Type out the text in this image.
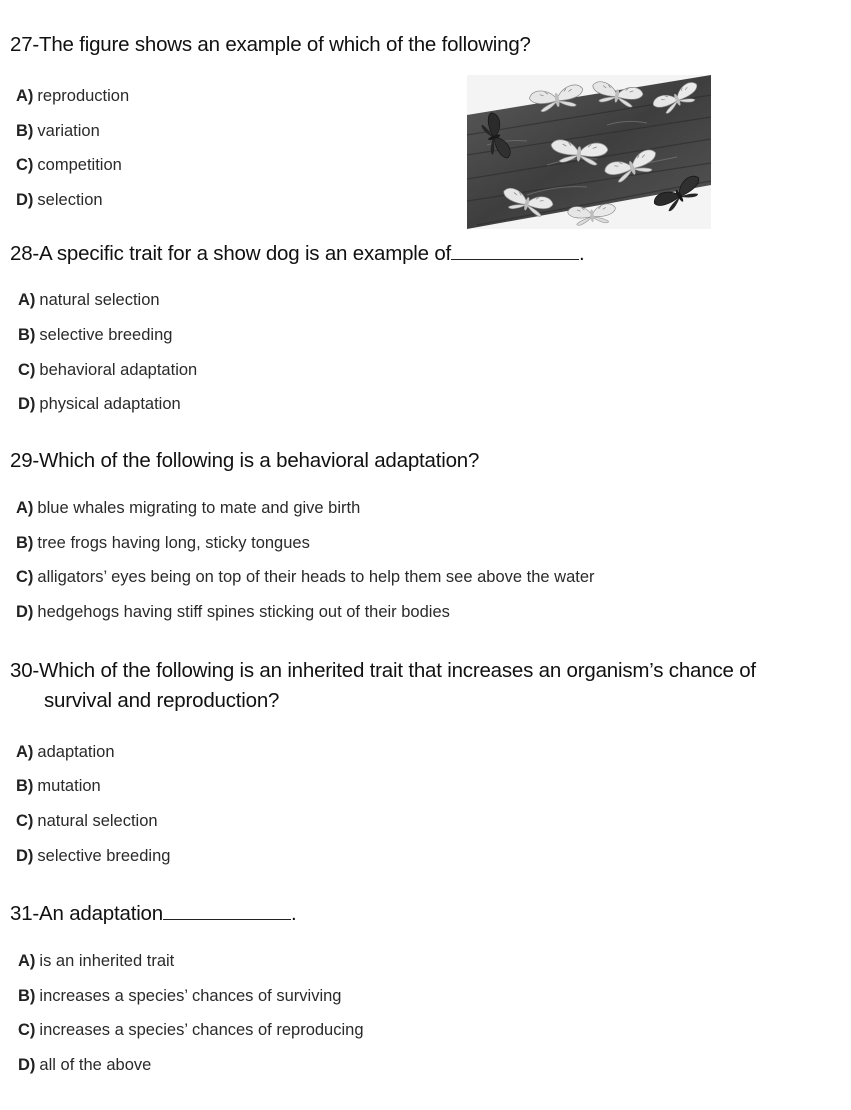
27-The figure shows an example of which of the following?
A) reproduction
B) variation
C) competition
D) selection
28-A specific trait for a show dog is an example of	.
A) natural selection
B) selective breeding
C) behavioral adaptation
D) physical adaptation
29-Which of the following is a behavioral adaptation?
A) blue whales migrating to mate and give birth
B) tree frogs having long, sticky tongues
C) alligators’ eyes being on top of their heads to help them see above the water
D) hedgehogs having stiff spines sticking out of their bodies
30-Which of the following is an inherited trait that increases an organism’s chance of
survival and reproduction?
A) adaptation
B) mutation
C) natural selection
D) selective breeding
31-An adaptation	.
A) is an inherited trait
B) increases a species’ chances of surviving
C) increases a species’ chances of reproducing
D) all of the above
